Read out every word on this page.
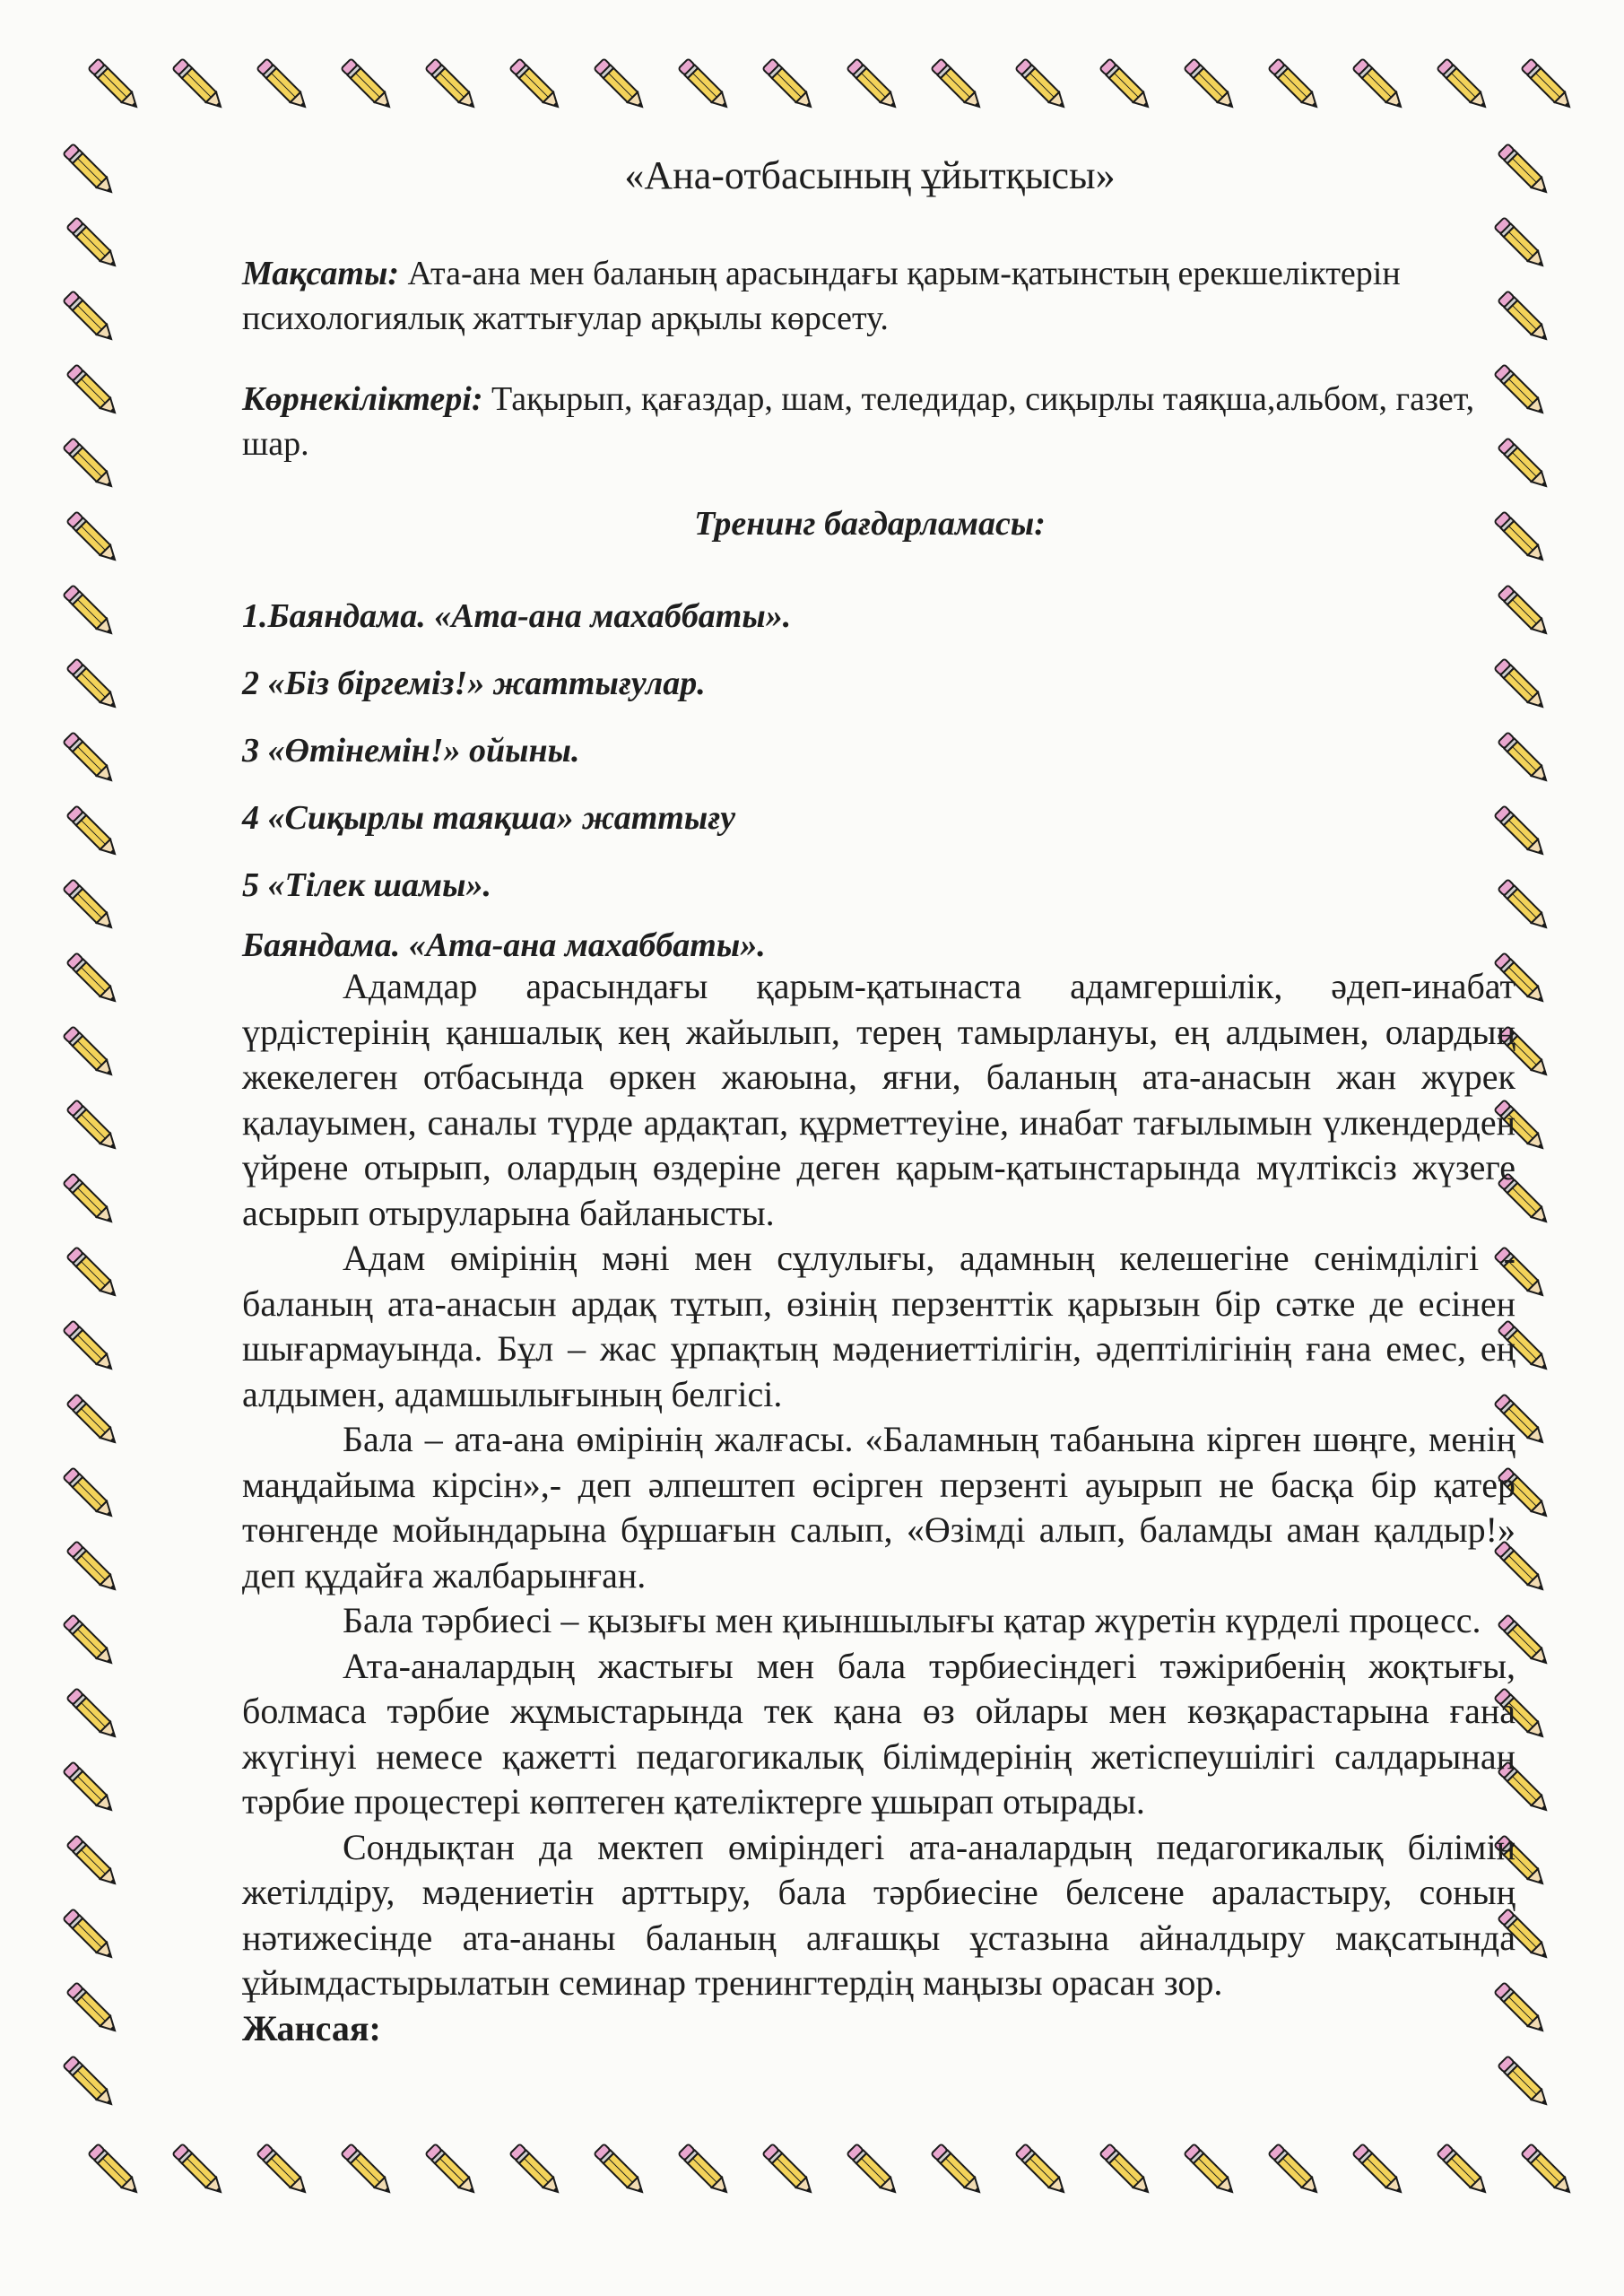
«Ана-отбасының ұйытқысы»

Мақсаты: Ата-ана мен баланың арасындағы қарым-қатынстың ерекшеліктерін психологиялық жаттығулар арқылы көрсету.

Көрнекіліктері: Тақырып, қағаздар, шам, теледидар, сиқырлы таяқша,альбом, газет, шар.

Тренинг бағдарламасы:
1.Баяндама. «Ата-ана махаббаты».
2 «Біз біргеміз!» жаттығулар.
3 «Өтінемін!» ойыны.
4 «Сиқырлы таяқша» жаттығу
5 «Тілек шамы».
Баяндама. «Ата-ана махаббаты».

Адамдар арасындағы қарым-қатынаста адамгершілік, әдеп-инабат үрдістерінің қаншалық кең жайылып, терең тамырлануы, ең алдымен, олардың жекелеген отбасында өркен жаюына, яғни, баланың ата-анасын жан жүрек қалауымен, саналы түрде ардақтап, құрметтеуіне, инабат тағылымын үлкендерден үйрене отырып, олардың өздеріне деген қарым-қатынстарында мүлтіксіз жүзеге асырып отыруларына байланысты.

Адам өмірінің мәні мен сұлулығы, адамның келешегіне сенімділігі - баланың ата-анасын ардақ тұтып, өзінің перзенттік қарызын бір сәтке де есінен шығармауында. Бұл – жас ұрпақтың мәдениеттілігін, әдептілігінің ғана емес, ең алдымен, адамшылығының белгісі.

Бала – ата-ана өмірінің жалғасы. «Баламның табанына кірген шөңге, менің маңдайыма кірсін»,- деп әлпештеп өсірген перзенті ауырып не басқа бір қатер төнгенде мойындарына бұршағын салып, «Өзімді алып, баламды аман қалдыр!» деп құдайға жалбарынған.

Бала тәрбиесі – қызығы мен қиыншылығы қатар жүретін күрделі процесс.

Ата-аналардың жастығы мен бала тәрбиесіндегі тәжірибенің жоқтығы, болмаса тәрбие жұмыстарында тек қана өз ойлары мен көзқарастарына ғана жүгінуі немесе қажетті педагогикалық білімдерінің жетіспеушілігі салдарынан тәрбие процестері көптеген қателіктерге ұшырап отырады.

Сондықтан да мектеп өміріндегі ата-аналардың педагогикалық білімін жетілдіру, мәдениетін арттыру, бала тәрбиесіне белсене араластыру, соның нәтижесінде ата-ананы баланың алғашқы ұстазына айналдыру мақсатында ұйымдастырылатын семинар тренингтердің маңызы орасан зор.

Жансая:
